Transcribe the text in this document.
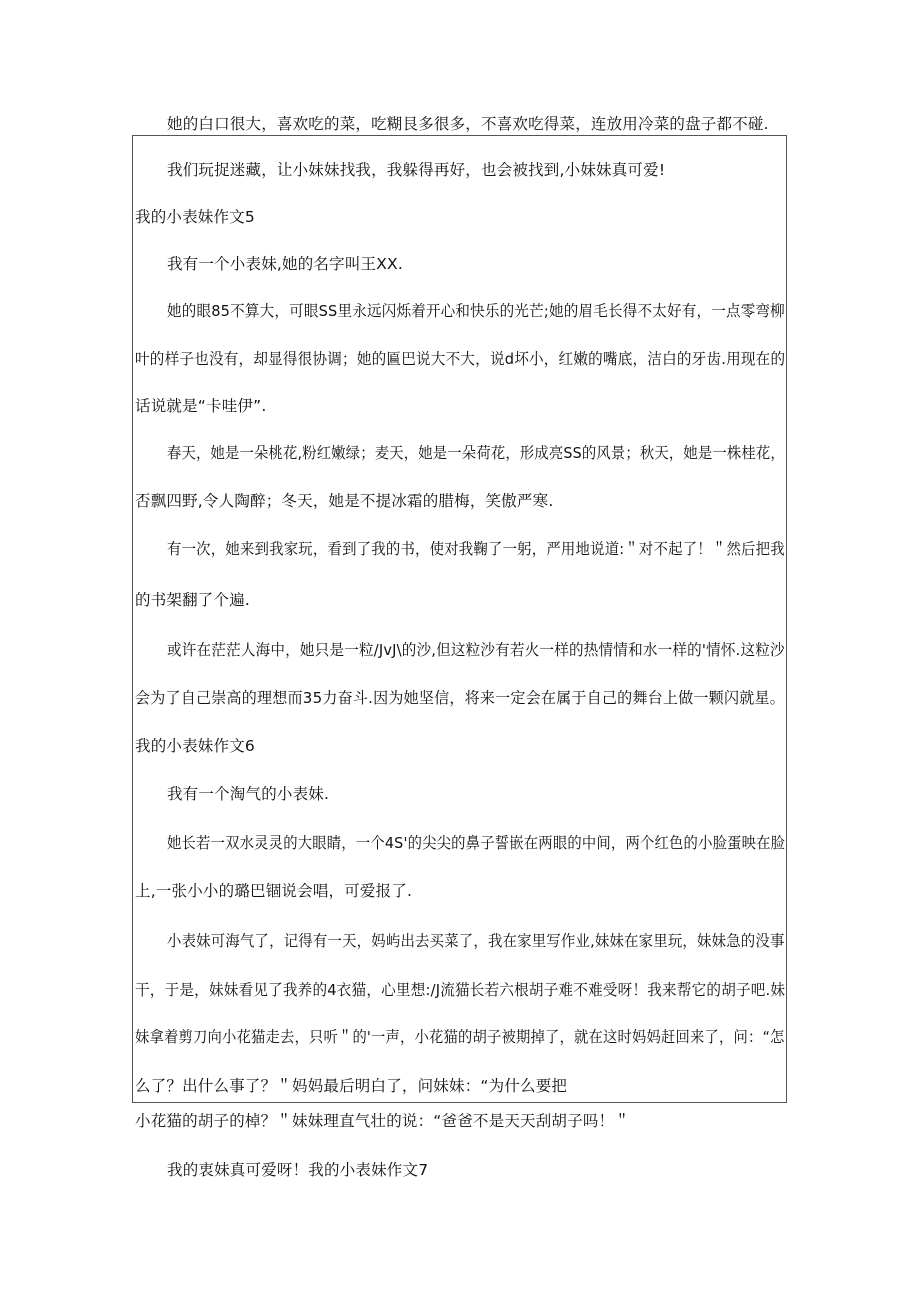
她的白口很大，喜欢吃的菜，吃糊艮多很多，不喜欢吃得菜，连放用冷菜的盘子都不碰.

我们玩捉迷藏，让小妹妹找我，我躲得再好，也会被找到,小妹妹真可爱!

我的小表妹作文5

我有一个小表妹,她的名字叫王XX.

她的眼85不算大，可眼SS里永远闪烁着开心和快乐的光芒;她的眉毛长得不太好有，一点零弯柳

叶的样子也没有，却显得很协调；她的匾巴说大不大，说d坏小，红嫩的嘴底，洁白的牙齿.用现在的

话说就是“卡哇伊”.

春天，她是一朵桃花,粉红嫩绿；麦天，她是一朵荷花，形成亮SS的风景；秋天，她是一株桂花，

否飘四野,令人陶醉；冬天，她是不提冰霜的腊梅，笑傲严寒.

有一次，她来到我家玩，看到了我的书，使对我鞠了一躬，严用地说道:＂对不起了！＂然后把我

的书架翻了个遍.

或许在茫茫人海中，她只是一粒/JvJ\的沙,但这粒沙有若火一样的热情情和水一样的'情怀.这粒沙

会为了自己崇高的理想而35力奋斗.因为她坚信，将来一定会在属于自己的舞台上做一颗闪就星。

我的小表妹作文6

我有一个淘气的小表妹.

她长若一双水灵灵的大眼睛，一个4S'的尖尖的鼻子誓嵌在两眼的中间，两个红色的小脸蛋映在脸

上,一张小小的璐巴锢说会唱，可爱报了.

小表妹可海气了，记得有一天，妈屿出去买菜了，我在家里写作业,妹妹在家里玩，妹妹急的没事

干，于是，妹妹看见了我养的4衣猫，心里想:/J流猫长若六根胡子难不难受呀！我来帮它的胡子吧.妹

妹拿着剪刀向小花猫走去，只听＂的'一声，小花猫的胡子被期掉了，就在这时妈妈赶回来了，问：“怎

么了？出什么事了？＂妈妈最后明白了，问妹妹：“为什么要把

小花猫的胡子的棹？＂妹妹理直气壮的说：“爸爸不是天天刮胡子吗！＂

我的衷妹真可爱呀！我的小表妹作文7
